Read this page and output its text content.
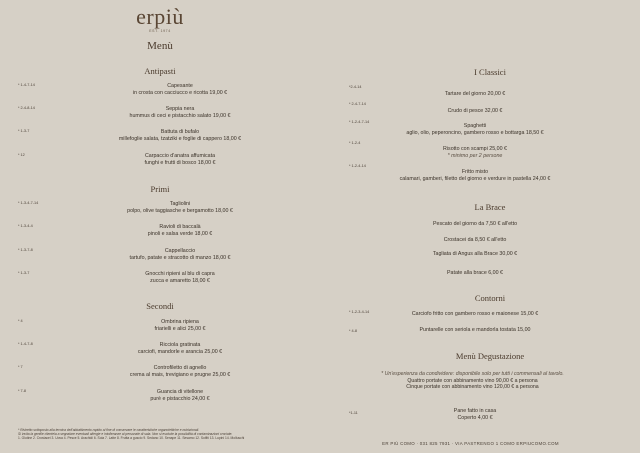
erpiù
EST. 1974
Menù
Antipasti
* 1-4-7-14	Capesante
in crosta con cacciucco e ricotta 19,00 €
* 2-4-8-14	Seppia nera
hummus di ceci e pistacchio salato 19,00 €
* 1-3-7	Battuta di bufalo
millefoglie salata, tzatziki e foglie di cappero 18,00 €
* 12	Carpaccio d'anatra affumicata
funghi e frutti di bosco 18,00 €
Primi
* 1-3-4-7-14	Tagliolini
polpo, olive taggiasche e bergamotto 18,00 €
* 1-3-4-4	Ravioli di baccalà
pinoli e salsa verde 18,00 €
* 1-3-7-8	Cappellaccio
tartufo, patate e stracotto di manzo 18,00 €
* 1-3-7	Gnocchi ripieni al blu di capra
zucca e amaretto 18,00 €
Secondi
* 4	Ombrina ripiena
friarielli e alici 25,00 €
* 1-4-7-8	Ricciola gratinata
carciofi, mandorle e arancia 25,00 €
* 7	Controfiletto di agnello
crema al mais, trevigiano e prugne 25,00 €
* 7-8	Guancia di vitellone
purè e pistacchio 24,00 €
* Ristretto sottoposto alla tecnica dell'abbattimento rapido al fine di conservare le caratteristiche organolettiche e nutrizionali.
Si invita la gentile clientela a segnalare eventuali allergie e intolleranze al personale di sala. Non si esclude la possibilità di contaminazioni crociate.
1. Glutine 2. Crostacei 3. Uova 4. Pesce 5. Arachidi 6. Soia 7. Latte 8. Frutta a guscio 9. Sedano 10. Senape 11. Sesamo 12. Solfiti 13. Lupini 14. Molluschi
I Classici
*2-4-14
Tartare del giorno 20,00 €
* 2-4-7-14
Crudo di pesce 32,00 €
* 1-2-4-7-14
Spaghetti
aglio, olio, peperoncino, gambero rosso e bottarga 18,50 €
* 1-2-4
Risotto con scampi 25,00 €
* minimo per 2 persone
* 1-2-4-14
Fritto misto
calamari, gamberi, filetto del giorno e verdure in pastella 24,00 €
La Brace
Pescato del giorno da 7,50 € all'etto
Crostacei da 8,50 € all'etto
Tagliata di Angus alla Brace 30,00 €
Patate alla brace 6,00 €
Contorni
* 1-2-3-4-14	Carciofo fritto con gambero rosso e maionese 15,00 €
* 4-8	Puntarelle con seriola e mandorla tostata 15,00
Menù Degustazione
* Un'esperienza da condividere: disponibile solo per tutti i commensali al tavolo.
Quattro portate con abbinamento vino 90,00 € a persona
Cinque portate con abbinamento vino 120,00 € a persona
*1-11	Pane fatto in casa
Coperto 4,00 €
ER PIÙ COMO · 031 825 7931 · VIA PASTRENGO 1 COMO ERPIUCOMO.COM
